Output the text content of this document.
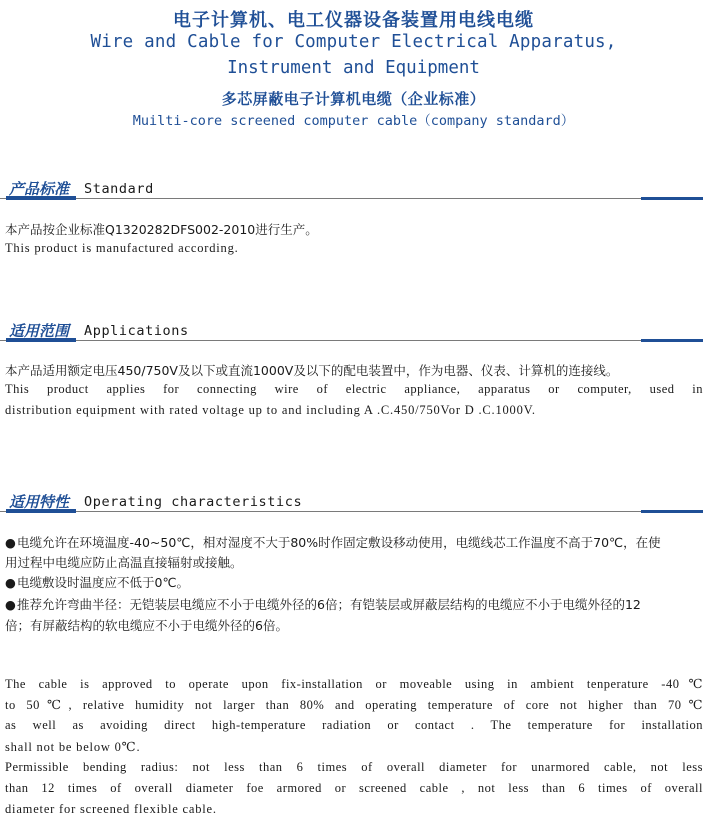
电子计算机、电工仪器设备装置用电线电缆
Wire and Cable for Computer Electrical Apparatus,
Instrument and Equipment
多芯屏蔽电子计算机电缆（企业标准）
Muilti-core screened computer cable（company standard）
产品标准 Standard

本产品按企业标准Q1320282DFS002-2010进行生产。

This product is manufactured according.

适用范围 Applications

本产品适用额定电压450/750V及以下或直流1000V及以下的配电装置中，作为电器、仪表、计算机的连接线。

This product applies for connecting wire of electric appliance, apparatus or computer, used in

distribution equipment with rated voltage up to and including A .C.450/750Vor D .C.1000V.

适用特性 Operating characteristics

●电缆允许在环境温度-40~50℃，相对湿度不大于80%时作固定敷设移动使用，电缆线芯工作温度不高于70℃，在使

用过程中电缆应防止高温直接辐射或接触。

●电缆敷设时温度应不低于0℃。

●推荐允许弯曲半径：无铠装层电缆应不小于电缆外径的6倍；有铠装层或屏蔽层结构的电缆应不小于电缆外径的12

倍；有屏蔽结构的软电缆应不小于电缆外径的6倍。

The cable is approved to operate upon fix-installation or moveable using in ambient tenperature -40℃

to 50℃, relative humidity not larger than 80% and operating temperature of core not higher than 70℃

as well as avoiding direct high-temperature radiation or contact . The temperature for installation

shall not be below 0℃.

Permissible bending radius: not less than 6 times of overall diameter for unarmored cable, not less

than 12 times of overall diameter foe armored or screened cable , not less than 6 times of overall

diameter for screened flexible cable.
